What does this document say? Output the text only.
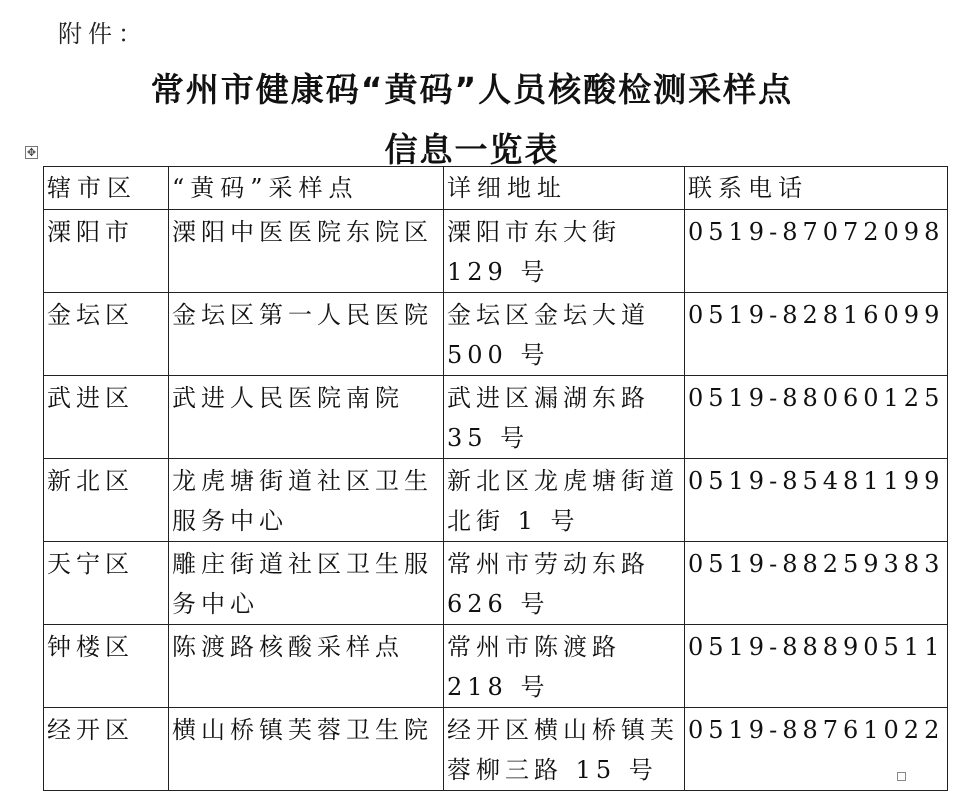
附件：
常州市健康码“黄码”人员核酸检测采样点
信息一览表
✥
辖市区	“黄码”采样点	详细地址	联系电话
溧阳市	溧阳中医医院东院区	溧阳市东大街 129 号	0519-87072098
金坛区	金坛区第一人民医院	金坛区金坛大道 500 号	0519-82816099
武进区	武进人民医院南院	武进区漏湖东路 35 号	0519-88060125
新北区	龙虎塘街道社区卫生服务中心	新北区龙虎塘街道北街 1 号	0519-85481199
天宁区	雕庄街道社区卫生服务中心	常州市劳动东路 626 号	0519-88259383
钟楼区	陈渡路核酸采样点	常州市陈渡路 218 号	0519-88890511
经开区	横山桥镇芙蓉卫生院	经开区横山桥镇芙蓉柳三路 15 号	0519-88761022
